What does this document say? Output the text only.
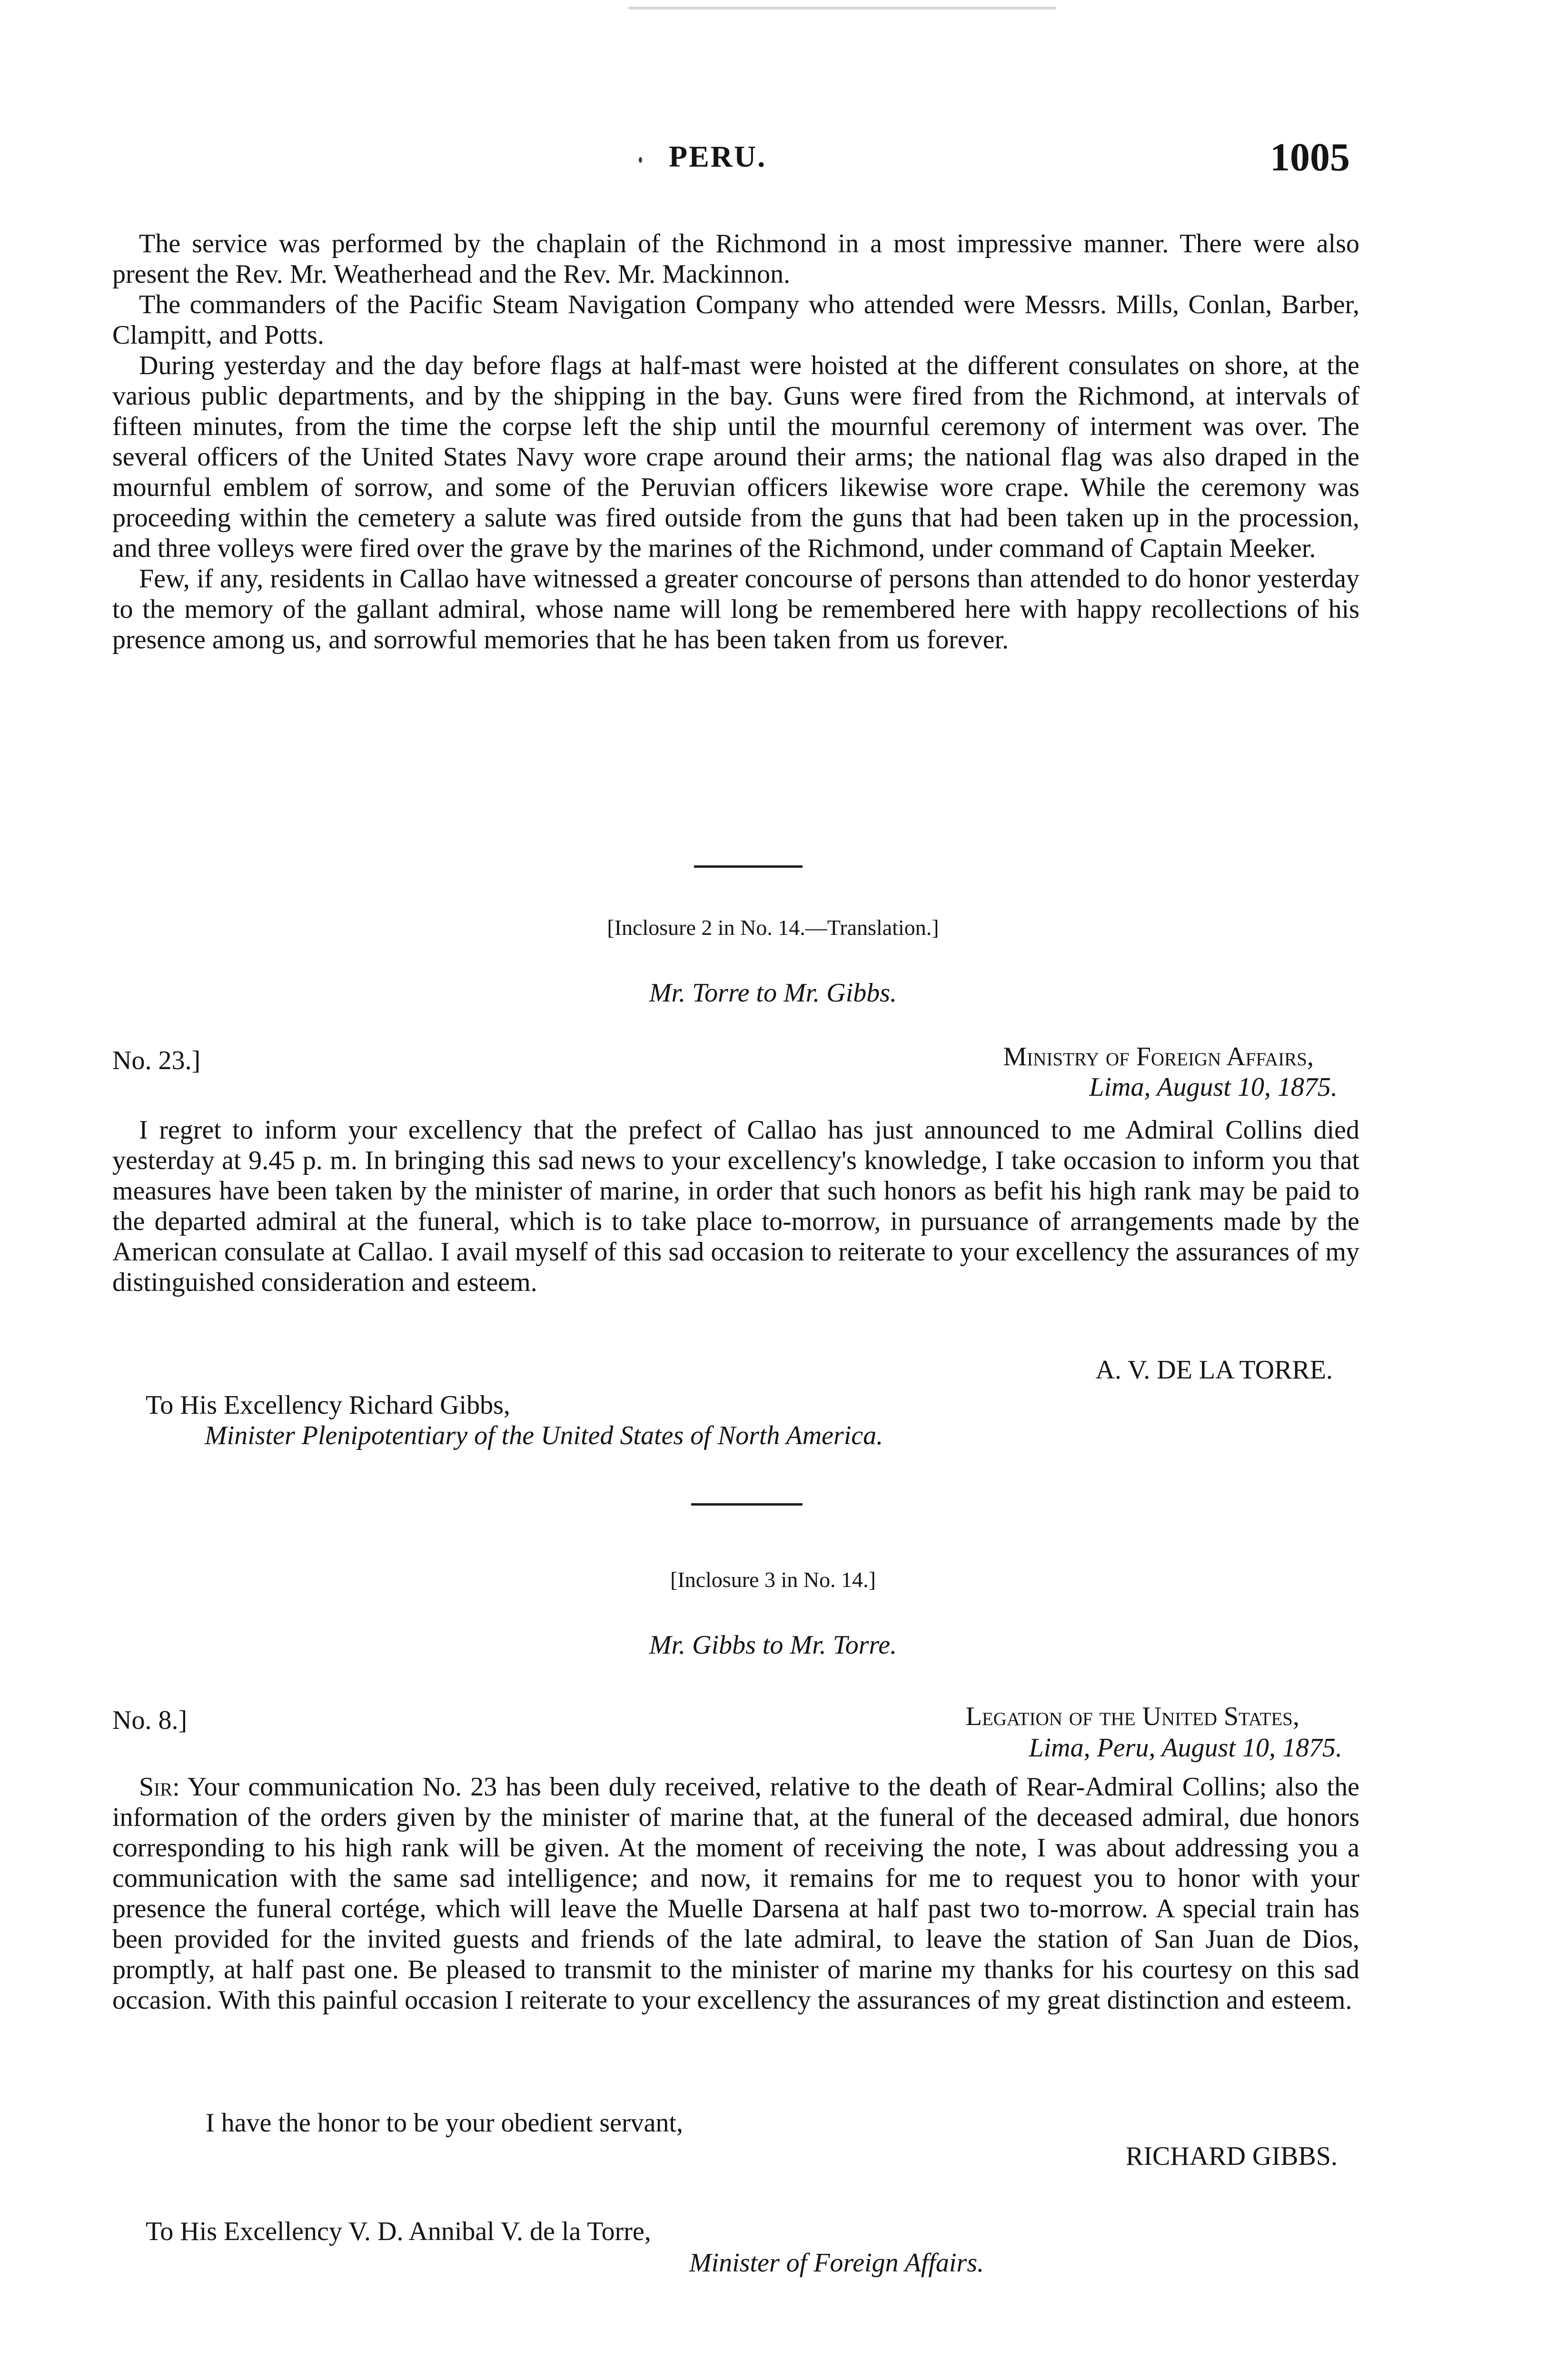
PERU.	1005

The service was performed by the chaplain of the Richmond in a most impressive manner. There were also present the Rev. Mr. Weatherhead and the Rev. Mr. Mackinnon.

The commanders of the Pacific Steam Navigation Company who attended were Messrs. Mills, Conlan, Barber, Clampitt, and Potts.

During yesterday and the day before flags at half-mast were hoisted at the different consulates on shore, at the various public departments, and by the shipping in the bay. Guns were fired from the Richmond, at intervals of fifteen minutes, from the time the corpse left the ship until the mournful ceremony of interment was over. The several officers of the United States Navy wore crape around their arms; the national flag was also draped in the mournful emblem of sorrow, and some of the Peruvian officers likewise wore crape. While the ceremony was proceeding within the cemetery a salute was fired outside from the guns that had been taken up in the procession, and three volleys were fired over the grave by the marines of the Richmond, under command of Captain Meeker.

Few, if any, residents in Callao have witnessed a greater concourse of persons than attended to do honor yesterday to the memory of the gallant admiral, whose name will long be remembered here with happy recollections of his presence among us, and sorrowful memories that he has been taken from us forever.

[Inclosure 2 in No. 14.—Translation.]
Mr. Torre to Mr. Gibbs.
No. 23.]	Ministry of Foreign Affairs,
Lima, August 10, 1875.

I regret to inform your excellency that the prefect of Callao has just announced to me Admiral Collins died yesterday at 9.45 p. m. In bringing this sad news to your excellency's knowledge, I take occasion to inform you that measures have been taken by the minister of marine, in order that such honors as befit his high rank may be paid to the departed admiral at the funeral, which is to take place to-morrow, in pursuance of arrangements made by the American consulate at Callao. I avail myself of this sad occasion to reiterate to your excellency the assurances of my distinguished consideration and esteem.

A. V. DE LA TORRE.
To His Excellency Richard Gibbs,
Minister Plenipotentiary of the United States of North America.
[Inclosure 3 in No. 14.]
Mr. Gibbs to Mr. Torre.
No. 8.]	Legation of the United States,
Lima, Peru, August 10, 1875.

Sir: Your communication No. 23 has been duly received, relative to the death of Rear-Admiral Collins; also the information of the orders given by the minister of marine that, at the funeral of the deceased admiral, due honors corresponding to his high rank will be given. At the moment of receiving the note, I was about addressing you a communication with the same sad intelligence; and now, it remains for me to request you to honor with your presence the funeral cortége, which will leave the Muelle Darsena at half past two to-morrow. A special train has been provided for the invited guests and friends of the late admiral, to leave the station of San Juan de Dios, promptly, at half past one. Be pleased to transmit to the minister of marine my thanks for his courtesy on this sad occasion. With this painful occasion I reiterate to your excellency the assurances of my great distinction and esteem.

I have the honor to be your obedient servant,
RICHARD GIBBS.
To His Excellency V. D. Annibal V. de la Torre,
Minister of Foreign Affairs.
